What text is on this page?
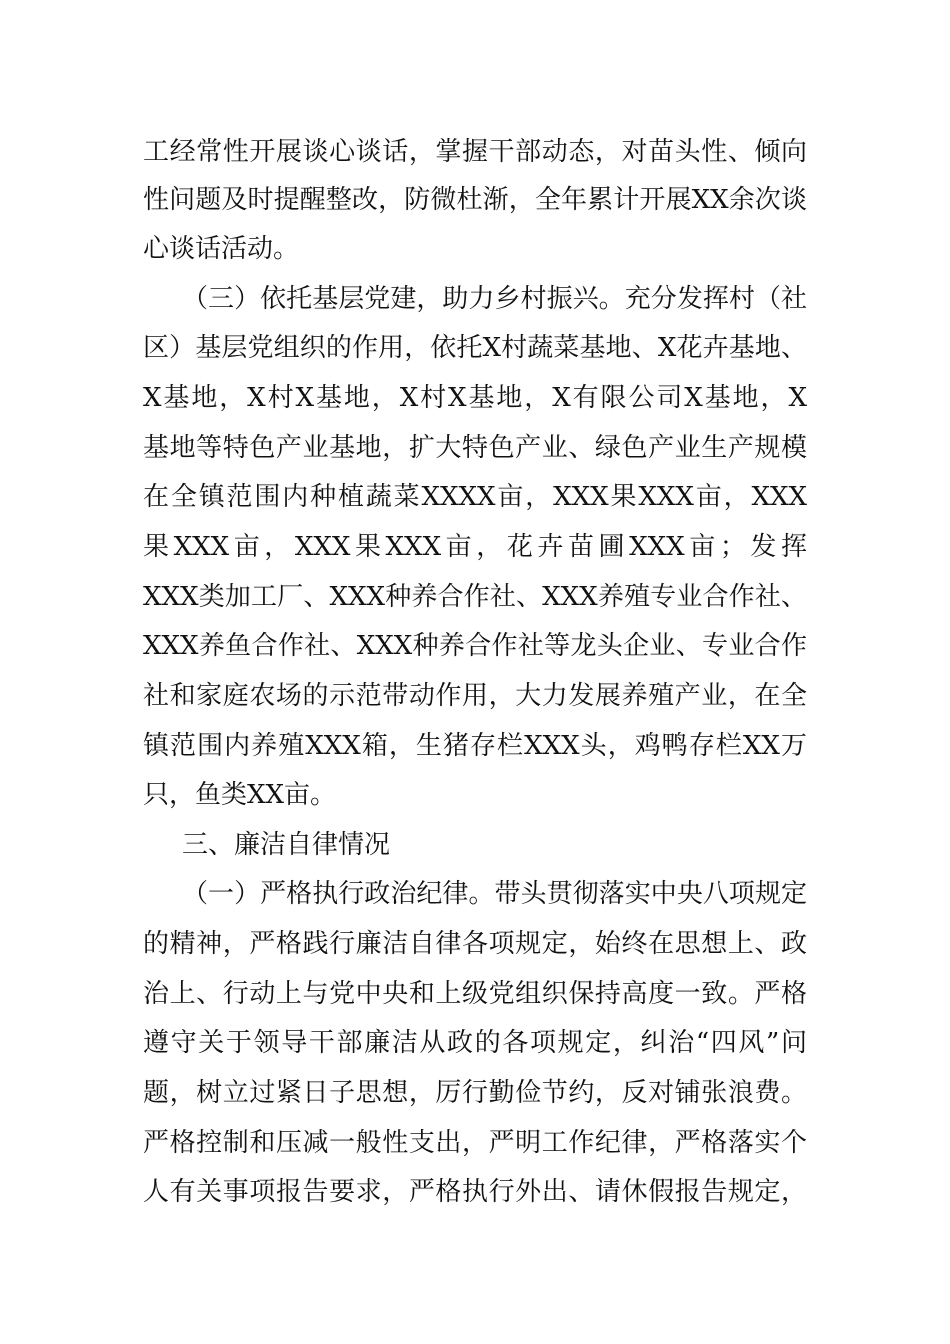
工经常性开展谈心谈话，掌握干部动态，对苗头性、倾向
性问题及时提醒整改，防微杜渐，全年累计开展XX余次谈
心谈话活动。
（三）依托基层党建，助力乡村振兴。充分发挥村（社
区）基层党组织的作用，依托X村蔬菜基地、X花卉基地、
X基地，X村X基地，X村X基地，X有限公司X基地，X
基地等特色产业基地，扩大特色产业、绿色产业生产规模
在全镇范围内种植蔬菜XXXX亩，XXX果XXX亩，XXX
果XXX亩，XXX果XXX亩，花卉苗圃XXX亩；发挥
XXX类加工厂、XXX种养合作社、XXX养殖专业合作社、
XXX养鱼合作社、XXX种养合作社等龙头企业、专业合作
社和家庭农场的示范带动作用，大力发展养殖产业，在全
镇范围内养殖XXX箱，生猪存栏XXX头，鸡鸭存栏XX万
只，鱼类XX亩。
三、廉洁自律情况
（一）严格执行政治纪律。带头贯彻落实中央八项规定
的精神，严格践行廉洁自律各项规定，始终在思想上、政
治上、行动上与党中央和上级党组织保持高度一致。严格
遵守关于领导干部廉洁从政的各项规定，纠治“四风”问
题，树立过紧日子思想，厉行勤俭节约，反对铺张浪费。
严格控制和压减一般性支出，严明工作纪律，严格落实个
人有关事项报告要求，严格执行外出、请休假报告规定，
